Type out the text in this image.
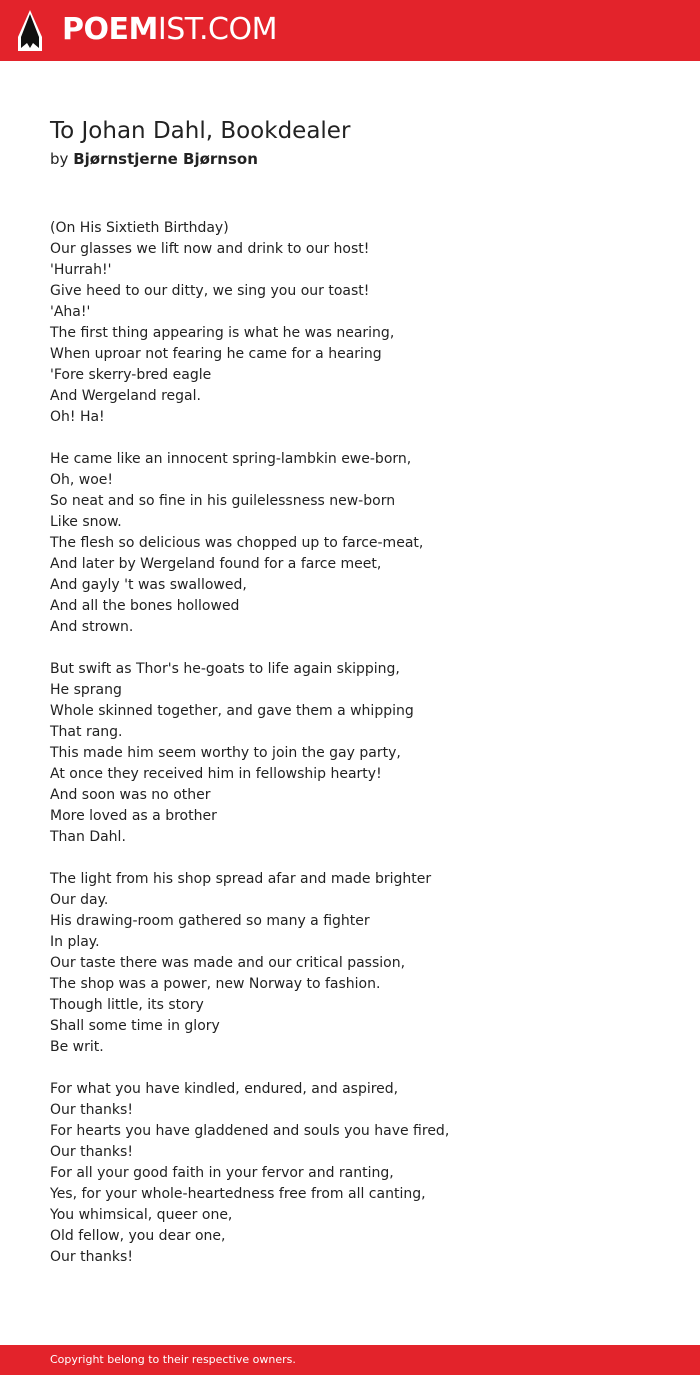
POEMIST.COM
To Johan Dahl, Bookdealer
by Bjørnstjerne Bjørnson
(On His Sixtieth Birthday)
Our glasses we lift now and drink to our host!
'Hurrah!'
Give heed to our ditty, we sing you our toast!
'Aha!'
The first thing appearing is what he was nearing,
When uproar not fearing he came for a hearing
'Fore skerry-bred eagle
And Wergeland regal.
Oh! Ha!
He came like an innocent spring-lambkin ewe-born,
Oh, woe!
So neat and so fine in his guilelessness new-born
Like snow.
The flesh so delicious was chopped up to farce-meat,
And later by Wergeland found for a farce meet,
And gayly 't was swallowed,
And all the bones hollowed
And strown.
But swift as Thor's he-goats to life again skipping,
He sprang
Whole skinned together, and gave them a whipping
That rang.
This made him seem worthy to join the gay party,
At once they received him in fellowship hearty!
And soon was no other
More loved as a brother
Than Dahl.
The light from his shop spread afar and made brighter
Our day.
His drawing-room gathered so many a fighter
In play.
Our taste there was made and our critical passion,
The shop was a power, new Norway to fashion.
Though little, its story
Shall some time in glory
Be writ.
For what you have kindled, endured, and aspired,
Our thanks!
For hearts you have gladdened and souls you have fired,
Our thanks!
For all your good faith in your fervor and ranting,
Yes, for your whole-heartedness free from all canting,
You whimsical, queer one,
Old fellow, you dear one,
Our thanks!
Copyright belong to their respective owners.
